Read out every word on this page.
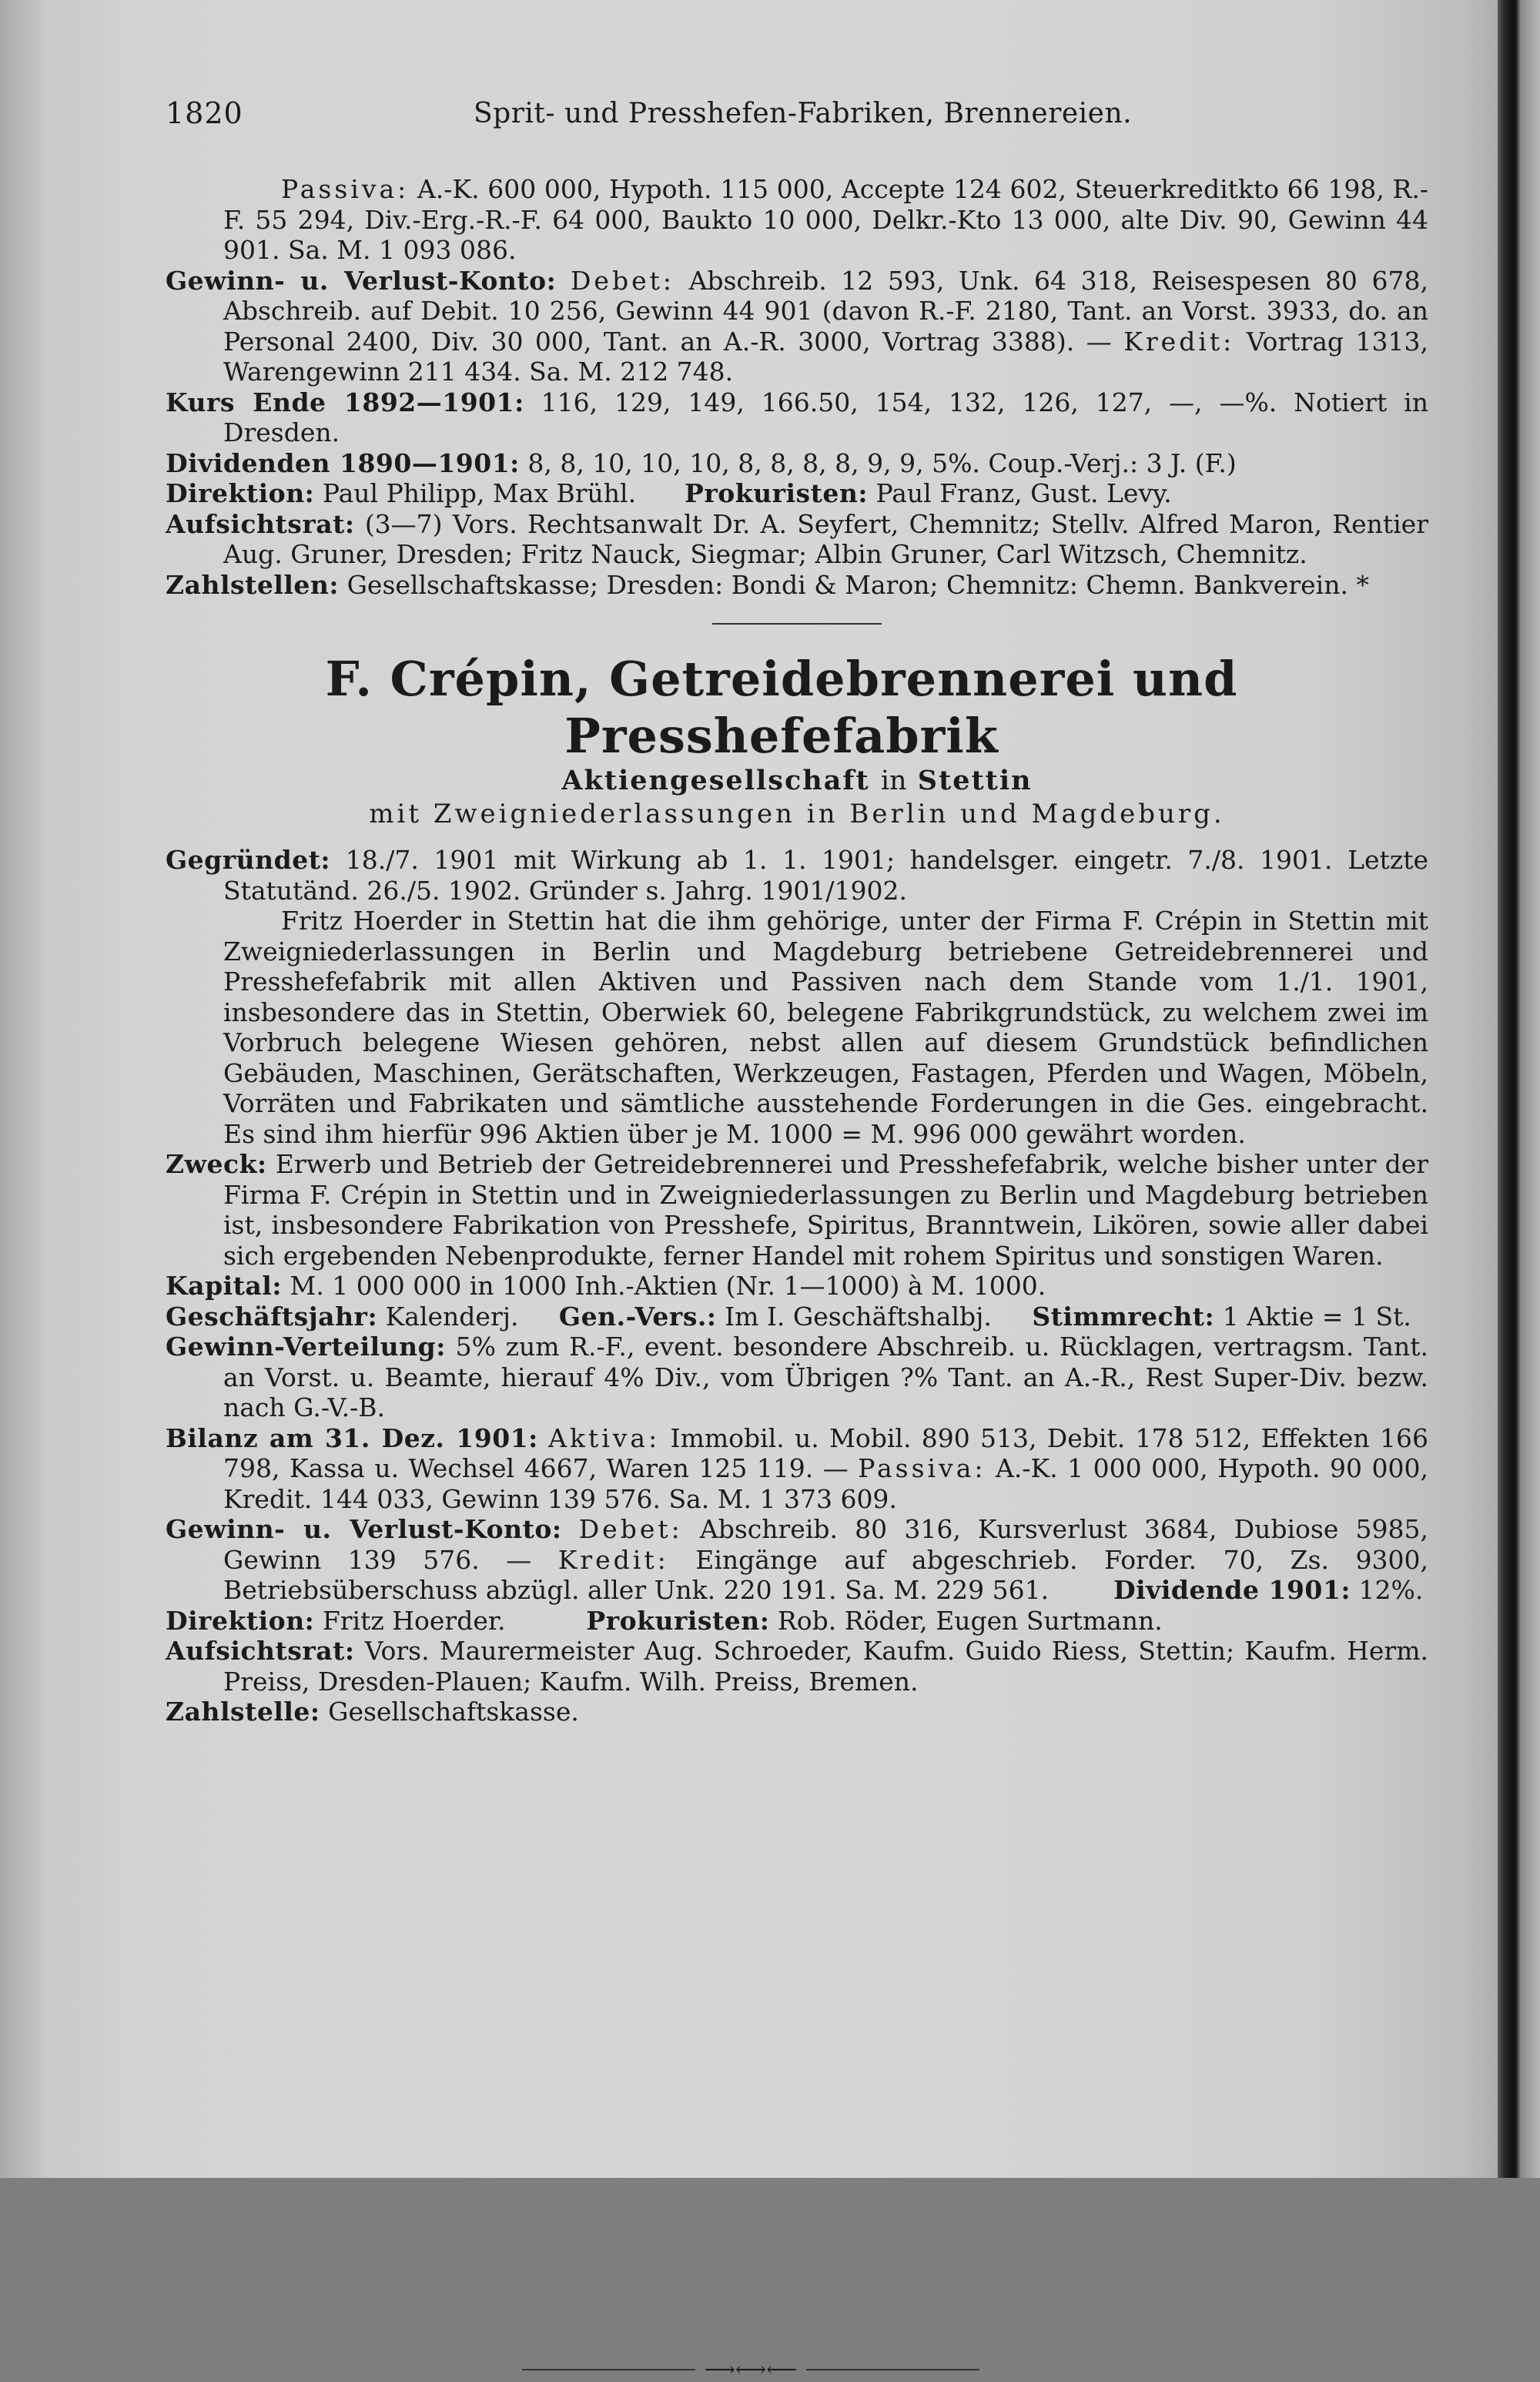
1820	Sprit- und Presshefen-Fabriken, Brennereien.

Passiva: A.-K. 600 000, Hypoth. 115 000, Accepte 124 602, Steuerkreditkto 66 198, R.-F. 55 294, Div.-Erg.-R.-F. 64 000, Baukto 10 000, Delkr.-Kto 13 000, alte Div. 90, Gewinn 44 901. Sa. M. 1 093 086.

Gewinn- u. Verlust-Konto: Debet: Abschreib. 12 593, Unk. 64 318, Reisespesen 80 678, Abschreib. auf Debit. 10 256, Gewinn 44 901 (davon R.-F. 2180, Tant. an Vorst. 3933, do. an Personal 2400, Div. 30 000, Tant. an A.-R. 3000, Vortrag 3388). — Kredit: Vortrag 1313, Warengewinn 211 434. Sa. M. 212 748.

Kurs Ende 1892—1901: 116, 129, 149, 166.50, 154, 132, 126, 127, —, —%. Notiert in Dresden.

Dividenden 1890—1901: 8, 8, 10, 10, 10, 8, 8, 8, 8, 9, 9, 5%. Coup.-Verj.: 3 J. (F.)

Direktion: Paul Philipp, Max Brühl. Prokuristen: Paul Franz, Gust. Levy.

Aufsichtsrat: (3—7) Vors. Rechtsanwalt Dr. A. Seyfert, Chemnitz; Stellv. Alfred Maron, Rentier Aug. Gruner, Dresden; Fritz Nauck, Siegmar; Albin Gruner, Carl Witzsch, Chemnitz.

Zahlstellen: Gesellschaftskasse; Dresden: Bondi & Maron; Chemnitz: Chemn. Bankverein. *

F. Crépin, Getreidebrennerei und Presshefefabrik
Aktiengesellschaft in Stettin
mit Zweigniederlassungen in Berlin und Magdeburg.

Gegründet: 18./7. 1901 mit Wirkung ab 1. 1. 1901; handelsger. eingetr. 7./8. 1901. Letzte Statutänd. 26./5. 1902. Gründer s. Jahrg. 1901/1902.

Fritz Hoerder in Stettin hat die ihm gehörige, unter der Firma F. Crépin in Stettin mit Zweigniederlassungen in Berlin und Magdeburg betriebene Getreidebrennerei und Presshefefabrik mit allen Aktiven und Passiven nach dem Stande vom 1./1. 1901, insbesondere das in Stettin, Oberwiek 60, belegene Fabrikgrundstück, zu welchem zwei im Vorbruch belegene Wiesen gehören, nebst allen auf diesem Grundstück befindlichen Gebäuden, Maschinen, Gerätschaften, Werkzeugen, Fastagen, Pferden und Wagen, Möbeln, Vorräten und Fabrikaten und sämtliche ausstehende Forderungen in die Ges. eingebracht. Es sind ihm hierfür 996 Aktien über je M. 1000 = M. 996 000 gewährt worden.

Zweck: Erwerb und Betrieb der Getreidebrennerei und Presshefefabrik, welche bisher unter der Firma F. Crépin in Stettin und in Zweigniederlassungen zu Berlin und Magdeburg betrieben ist, insbesondere Fabrikation von Presshefe, Spiritus, Branntwein, Likören, sowie aller dabei sich ergebenden Nebenprodukte, ferner Handel mit rohem Spiritus und sonstigen Waren.

Kapital: M. 1 000 000 in 1000 Inh.-Aktien (Nr. 1—1000) à M. 1000.

Geschäftsjahr: Kalenderj. Gen.-Vers.: Im I. Geschäftshalbj. Stimmrecht: 1 Aktie = 1 St.

Gewinn-Verteilung: 5% zum R.-F., event. besondere Abschreib. u. Rücklagen, vertragsm. Tant. an Vorst. u. Beamte, hierauf 4% Div., vom Übrigen ?% Tant. an A.-R., Rest Super-Div. bezw. nach G.-V.-B.

Bilanz am 31. Dez. 1901: Aktiva: Immobil. u. Mobil. 890 513, Debit. 178 512, Effekten 166 798, Kassa u. Wechsel 4667, Waren 125 119. — Passiva: A.-K. 1 000 000, Hypoth. 90 000, Kredit. 144 033, Gewinn 139 576. Sa. M. 1 373 609.

Gewinn- u. Verlust-Konto: Debet: Abschreib. 80 316, Kursverlust 3684, Dubiose 5985, Gewinn 139 576. — Kredit: Eingänge auf abgeschrieb. Forder. 70, Zs. 9300, Betriebsüberschuss abzügl. aller Unk. 220 191. Sa. M. 229 561.	Dividende 1901: 12%.

Direktion: Fritz Hoerder.	Prokuristen: Rob. Röder, Eugen Surtmann.

Aufsichtsrat: Vors. Maurermeister Aug. Schroeder, Kaufm. Guido Riess, Stettin; Kaufm. Herm. Preiss, Dresden-Plauen; Kaufm. Wilh. Preiss, Bremen.

Zahlstelle: Gesellschaftskasse.

⟶⟷⟵
